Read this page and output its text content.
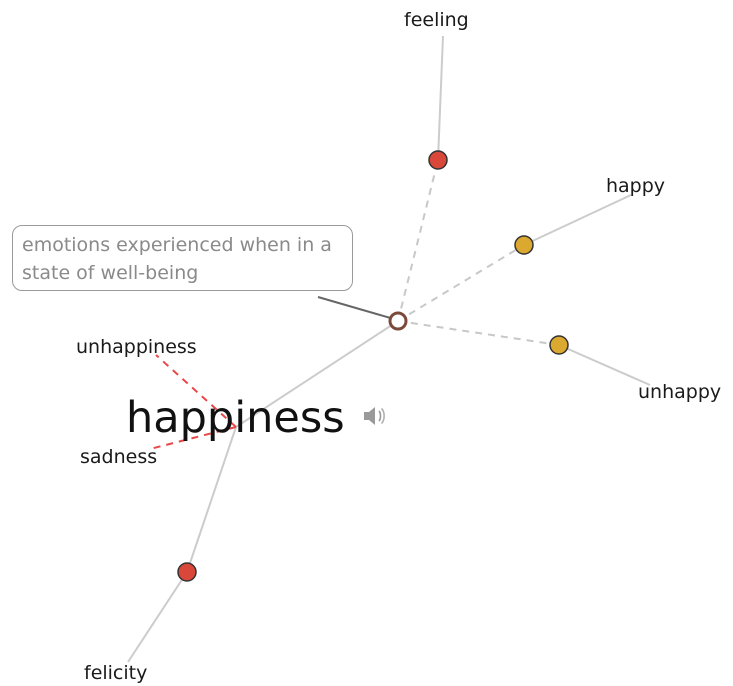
emotions experienced when in a state of well-being
feeling
happy
unhappy
unhappiness
sadness
felicity
happiness
